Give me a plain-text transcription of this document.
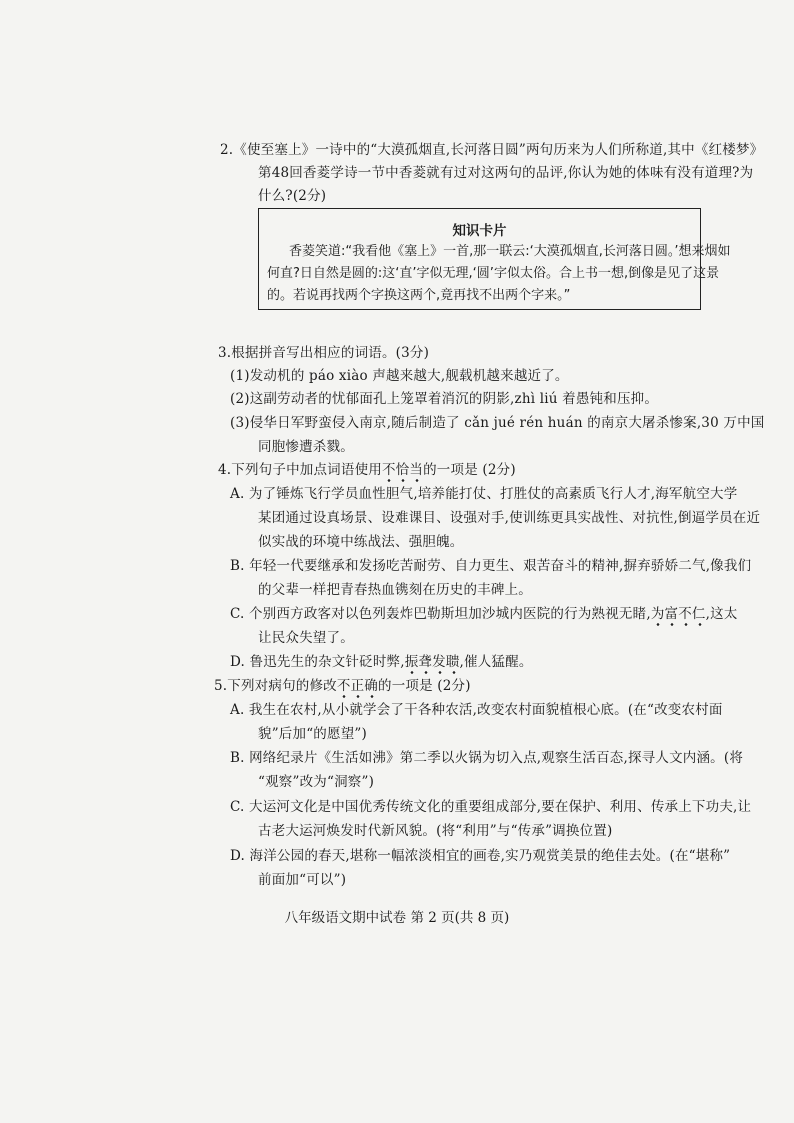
2.《使至塞上》一诗中的“大漠孤烟直,长河落日圆”两句历来为人们所称道,其中《红楼梦》
第48回香菱学诗一节中香菱就有过对这两句的品评,你认为她的体味有没有道理?为
什么?(2分)
知识卡片
香菱笑道:“我看他《塞上》一首,那一联云:‘大漠孤烟直,长河落日圆。’想来烟如
何直?日自然是圆的:这‘直’字似无理,‘圆’字似太俗。合上书一想,倒像是见了这景
的。若说再找两个字换这两个,竟再找不出两个字来。”
3.根据拼音写出相应的词语。(3分)
(1)发动机的 páo xiào 声越来越大,舰载机越来越近了。
(2)这副劳动者的忧郁面孔上笼罩着消沉的阴影,zhì liú 着愚钝和压抑。
(3)侵华日军野蛮侵入南京,随后制造了 cǎn jué rén huán 的南京大屠杀惨案,30 万中国
同胞惨遭杀戮。
4.下列句子中加点词语使用不恰当的一项是 (2分)
A. 为了锤炼飞行学员血性胆气,培养能打仗、打胜仗的高素质飞行人才,海军航空大学
某团通过设真场景、设难课目、设强对手,使训练更具实战性、对抗性,倒逼学员在近
似实战的环境中练战法、强胆魄。
B. 年轻一代要继承和发扬吃苦耐劳、自力更生、艰苦奋斗的精神,摒弃骄娇二气,像我们
的父辈一样把青春热血镌刻在历史的丰碑上。
C. 个别西方政客对以色列轰炸巴勒斯坦加沙城内医院的行为熟视无睹,为富不仁,这太
让民众失望了。
D. 鲁迅先生的杂文针砭时弊,振聋发聩,催人猛醒。
5.下列对病句的修改不正确的一项是 (2分)
A. 我生在农村,从小就学会了干各种农活,改变农村面貌植根心底。(在“改变农村面
貌”后加“的愿望”)
B. 网络纪录片《生活如沸》第二季以火锅为切入点,观察生活百态,探寻人文内涵。(将
“观察”改为“洞察”)
C. 大运河文化是中国优秀传统文化的重要组成部分,要在保护、利用、传承上下功夫,让
古老大运河焕发时代新风貌。(将“利用”与“传承”调换位置)
D. 海洋公园的春天,堪称一幅浓淡相宜的画卷,实乃观赏美景的绝佳去处。(在“堪称”
前面加“可以”)
八年级语文期中试卷 第 2 页(共 8 页)
